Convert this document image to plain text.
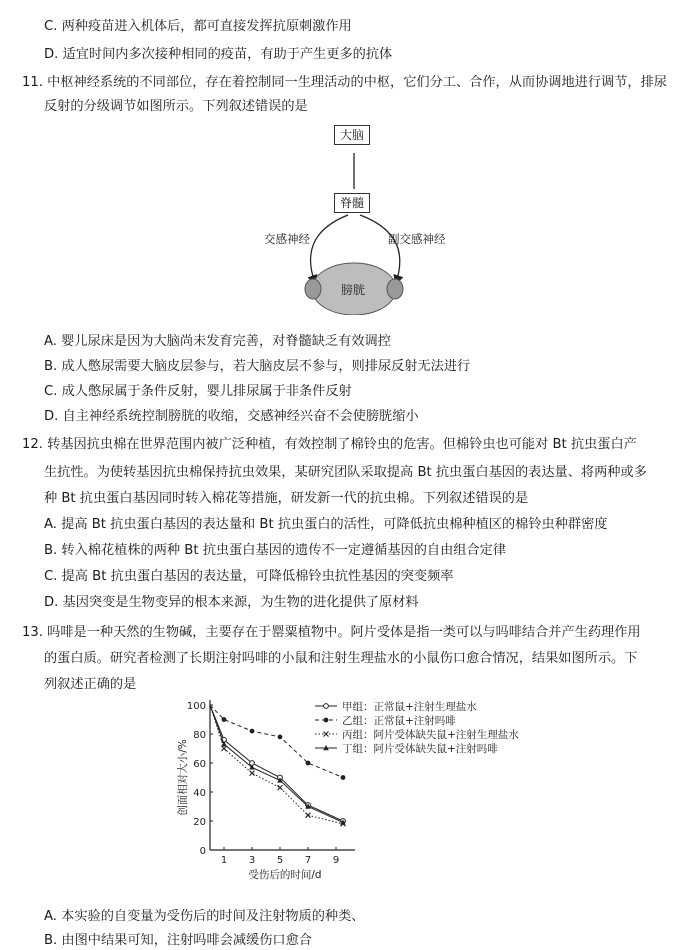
C. 两种疫苗进入机体后，都可直接发挥抗原刺激作用
D. 适宜时间内多次接种相同的疫苗，有助于产生更多的抗体
11. 中枢神经系统的不同部位，存在着控制同一生理活动的中枢，它们分工、合作，从而协调地进行调节，排尿
反射的分级调节如图所示。下列叙述错误的是
大脑
脊髓
交感神经	副交感神经
膀胱
A. 婴儿尿床是因为大脑尚未发育完善，对脊髓缺乏有效调控
B. 成人憋尿需要大脑皮层参与，若大脑皮层不参与，则排尿反射无法进行
C. 成人憋尿属于条件反射，婴儿排尿属于非条件反射
D. 自主神经系统控制膀胱的收缩，交感神经兴奋不会使膀胱缩小
12. 转基因抗虫棉在世界范围内被广泛种植，有效控制了棉铃虫的危害。但棉铃虫也可能对 Bt 抗虫蛋白产
生抗性。为使转基因抗虫棉保持抗虫效果，某研究团队采取提高 Bt 抗虫蛋白基因的表达量、将两种或多
种 Bt 抗虫蛋白基因同时转入棉花等措施，研发新一代的抗虫棉。下列叙述错误的是
A. 提高 Bt 抗虫蛋白基因的表达量和 Bt 抗虫蛋白的活性，可降低抗虫棉种植区的棉铃虫种群密度
B. 转入棉花植株的两种 Bt 抗虫蛋白基因的遗传不一定遵循基因的自由组合定律
C. 提高 Bt 抗虫蛋白基因的表达量，可降低棉铃虫抗性基因的突变频率
D. 基因突变是生物变异的根本来源，为生物的进化提供了原材料
13. 吗啡是一种天然的生物碱，主要存在于罂粟植物中。阿片受体是指一类可以与吗啡结合并产生药理作用
的蛋白质。研究者检测了长期注射吗啡的小鼠和注射生理盐水的小鼠伤口愈合情况，结果如图所示。下
列叙述正确的是
0
20
40
60
80
100
1 3 5 7 9
受伤后的时间/d
创面相对大小/%
甲组：正常鼠+注射生理盐水
乙组：正常鼠+注射吗啡
丙组：阿片受体缺失鼠+注射生理盐水
丁组：阿片受体缺失鼠+注射吗啡
A. 本实验的自变量为受伤后的时间及注射物质的种类、
B. 由图中结果可知，注射吗啡会减缓伤口愈合
